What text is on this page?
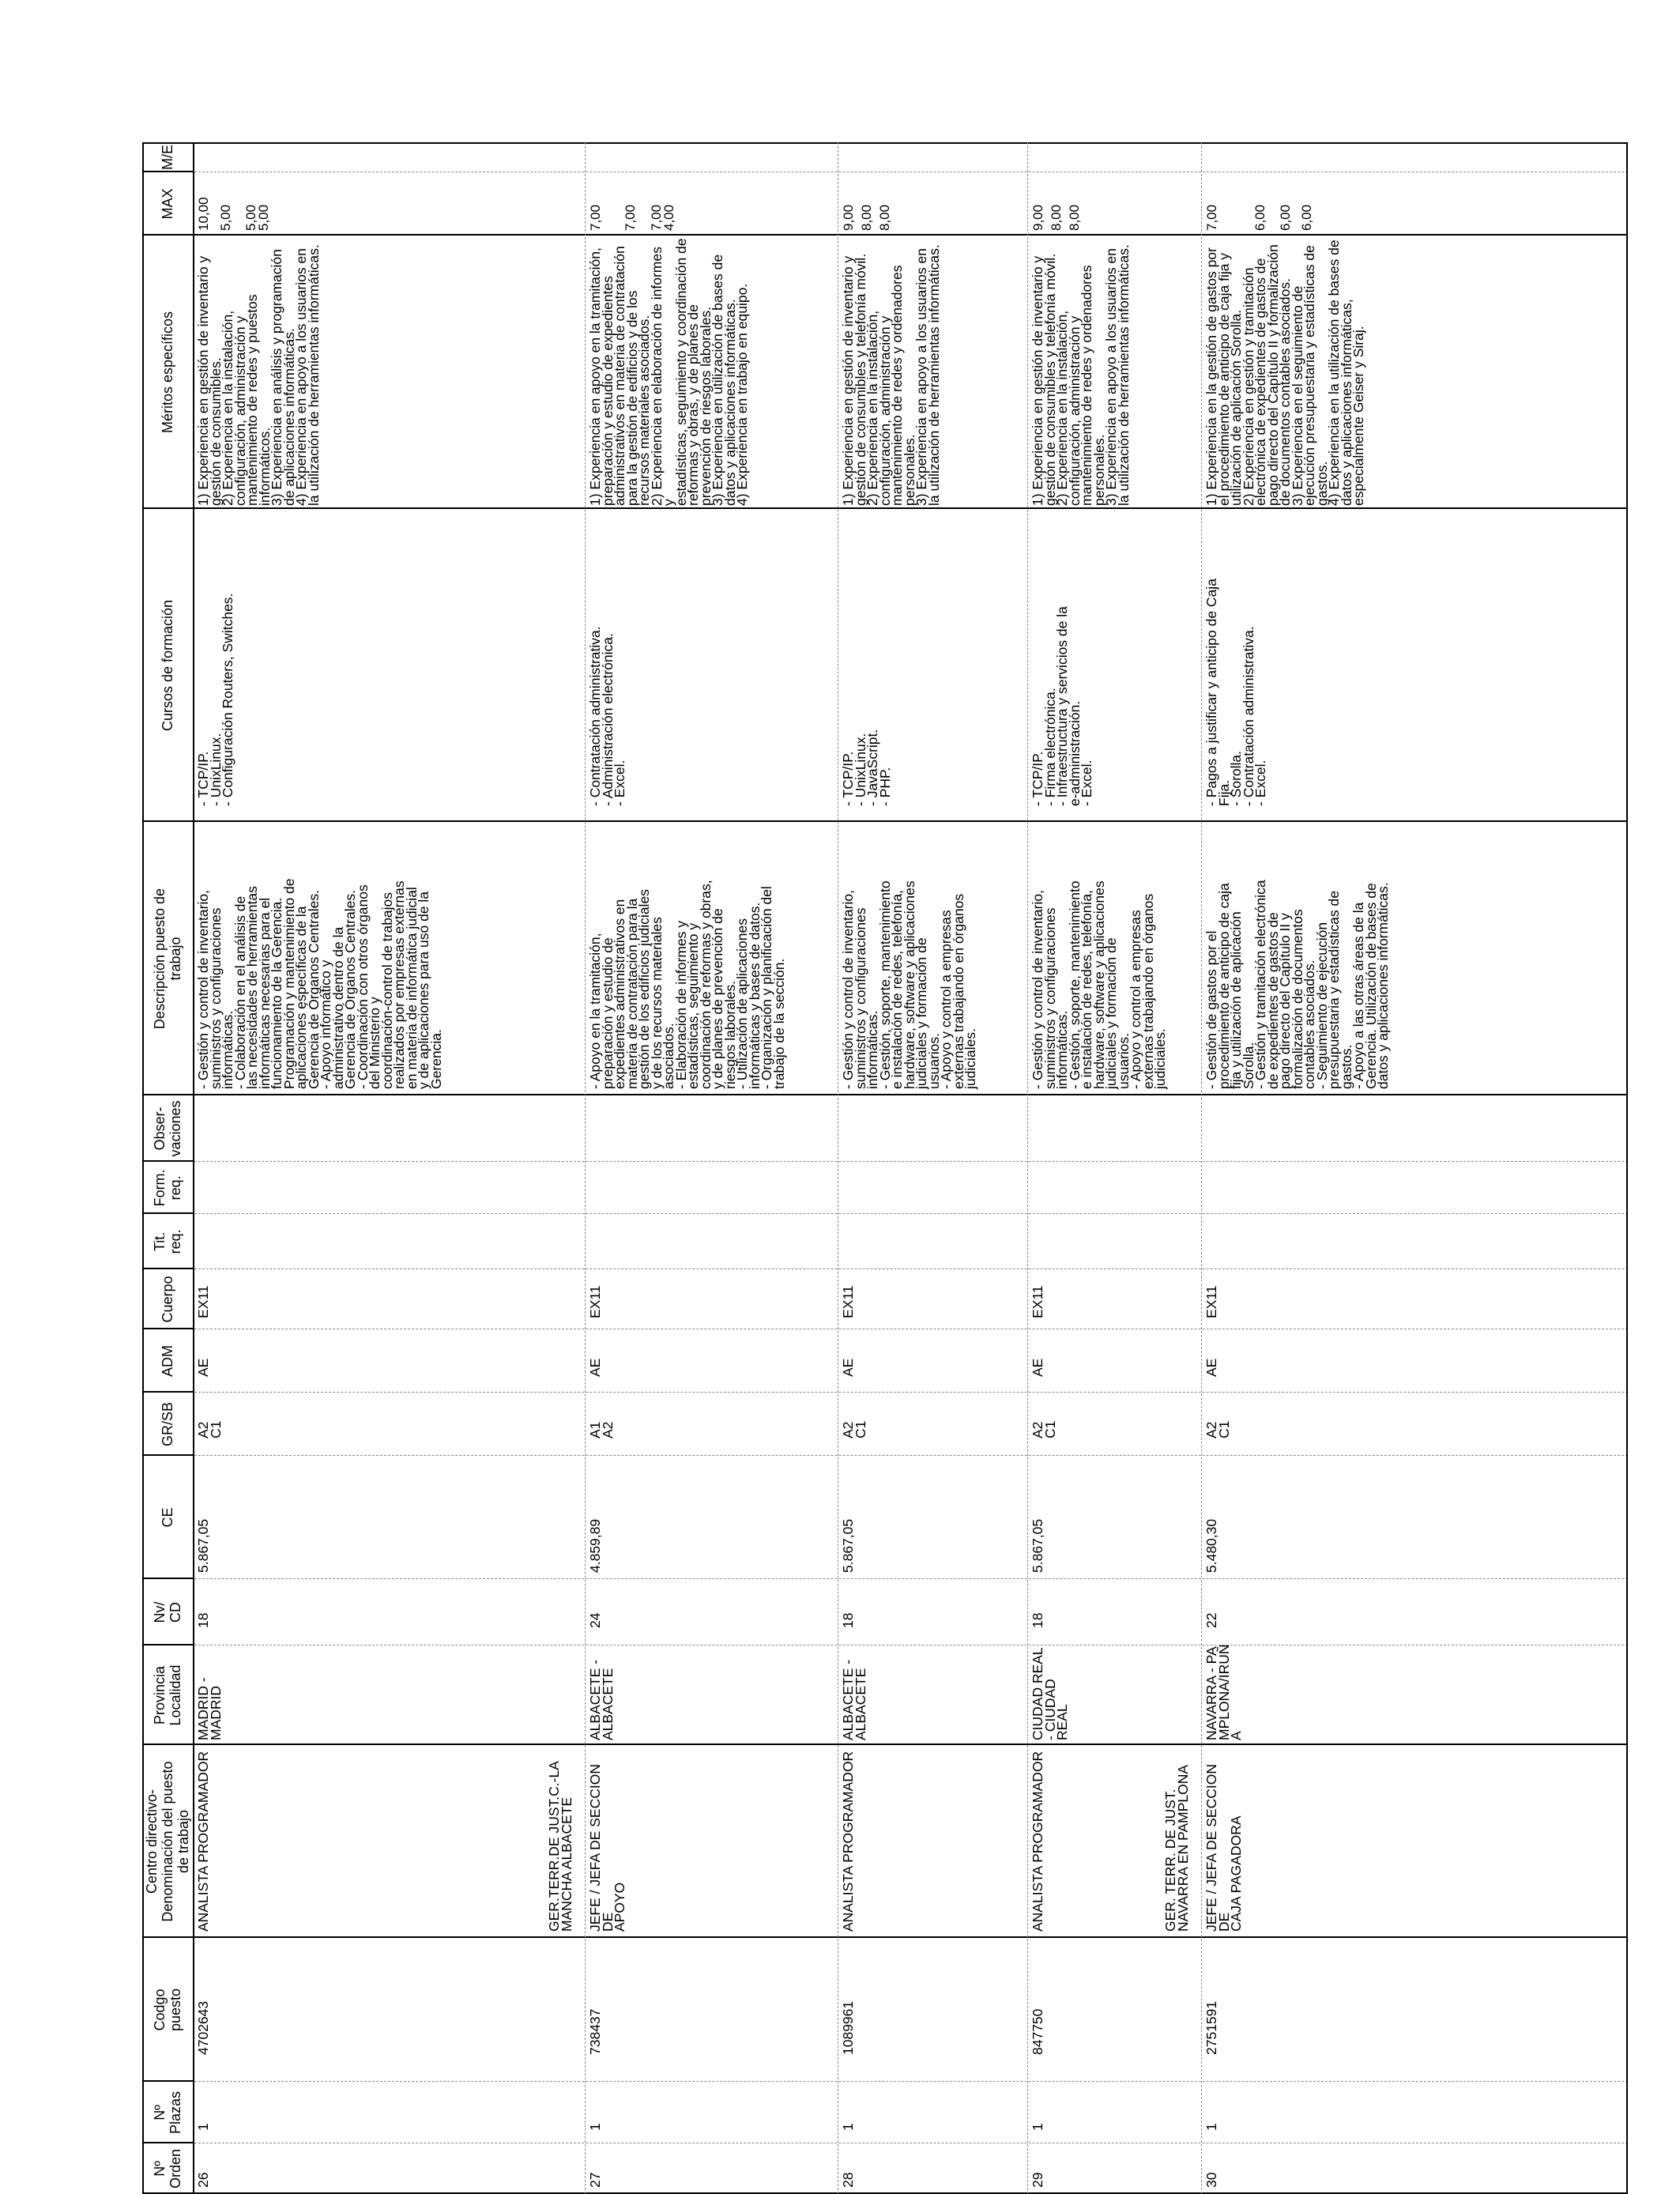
Nº
Orden
Nº
Plazas
Codgo
puesto
Centro directivo-
Denominación del puesto
de trabajo
Provincia
Localidad
Nv/
CD
CE
GR/SB
ADM
Cuerpo
Tit.
req.
Form.
req.
Obser-
vaciones
Descripción puesto de
trabajo
Cursos de formación
Méritos específicos
MAX
M/E
26
1
4702643
ANALISTA PROGRAMADOR
MADRID -
MADRID
18
5.867,05
A2
C1
AE
EX11
- Gestión y control de inventario,
suministros y configuraciones
informáticas.
- Colaboración en el análisis de
las necesidades de herramientas
informáticas necesarias para el
funcionamiento de la Gerencia.
Programación y mantenimiento de
aplicaciones específicas de la
Gerencia de Órganos Centrales.
- Apoyo informático y
administrativo dentro de la
Gerencia de Órganos Centrales.
- Coordinación con otros órganos
del Ministerio y
coordinación-control de trabajos
realizados por empresas externas
en materia de informática judicial
y de aplicaciones para uso de la
Gerencia.
- TCP/IP.
- UnixLinux.
- Configuración Routers, Switches.
1) Experiencia en gestión de inventario y
gestión de consumibles.
2) Experiencia en la instalación,
configuración, administración y
mantenimiento de redes y puestos
informáticos.
3) Experiencia en análisis y programación
de aplicaciones informáticas.
4) Experiencia en apoyo a los usuarios en
la utilización de herramientas informáticas.
10,00 5,00 5,00
5,00
27
1
738437
JEFE / JEFA DE SECCION DE
APOYO
GER.TERR.DE JUST.C.-LA
MANCHA ALBACETE
ALBACETE -
ALBACETE
24
4.859,89
A1
A2
AE
EX11
- Apoyo en la tramitación,
preparación y estudio de
expedientes administrativos en
materia de contratación para la
gestión de los edificios judiciales
y de los recursos materiales
asociados.
- Elaboración de informes y
estadísticas, seguimiento y
coordinación de reformas y obras,
y de planes de prevención de
riesgos laborales.
- Utilización de aplicaciones
informáticas y bases de datos.
- Organización y planificación del
trabajo de la sección.
- Contratación administrativa.
- Administración electrónica.
- Excel.
1) Experiencia en apoyo en la tramitación,
preparación y estudio de expedientes
administrativos en materia de contratación
para la gestión de edificios y de los
recursos materiales asociados.
2) Experiencia en elaboración de informes y
estadísticas, seguimiento y coordinación de
reformas y obras, y de planes de
prevención de riesgos laborales.
3) Experiencia en utilización de bases de
datos y aplicaciones informáticas.
4) Experiencia en trabajo en equipo.
7,00 7,00 7,00
4,00
28
1
1089961
ANALISTA PROGRAMADOR
ALBACETE -
ALBACETE
18
5.867,05
A2
C1
AE
EX11
- Gestión y control de inventario,
suministros y configuraciones
informáticas.
- Gestión, soporte, mantenimiento
e instalación de redes, telefonía,
hardware, software y aplicaciones
judiciales y formación de
usuarios.
- Apoyo y control a empresas
externas trabajando en órganos
judiciales.
- TCP/IP.
- UnixLinux.
- JavaScript.
- PHP.
1) Experiencia en gestión de inventario y
gestión de consumibles y telefonía móvil.
2) Experiencia en la instalación,
configuración, administración y
mantenimiento de redes y ordenadores
personales.
3) Experiencia en apoyo a los usuarios en
la utilización de herramientas informáticas.
9,00 8,00 8,00
29
1
847750
ANALISTA PROGRAMADOR
CIUDAD REAL
- CIUDAD
REAL
18
5.867,05
A2
C1
AE
EX11
- Gestión y control de inventario,
suministros y configuraciones
informáticas.
- Gestión, soporte, mantenimiento
e instalación de redes, telefonía,
hardware, software y aplicaciones
judiciales y formación de
usuarios.
- Apoyo y control a empresas
externas trabajando en órganos
judiciales.
- TCP/IP.
- Firma electrónica.
- Infraestructura y servicios de la
e-administración.
- Excel.
1) Experiencia en gestión de inventario y
gestión de consumibles y telefonía móvil.
2) Experiencia en la instalación,
configuración, administración y
mantenimiento de redes y ordenadores
personales.
3) Experiencia en apoyo a los usuarios en
la utilización de herramientas informáticas.
9,00 8,00 8,00
30
1
2751591
JEFE / JEFA DE SECCION DE
CAJA PAGADORA
GER. TERR. DE JUST.
NAVARRA EN PAMPLONA
NAVARRA - PA
MPLONA/IRUÑ
A
22
5.480,30
A2
C1
AE
EX11
- Gestión de gastos por el
procedimiento de anticipo de caja
fija y utilización de aplicación
Sorolla.
- Gestión y tramitación electrónica
de expedientes de gastos de
pago directo del Capítulo II y
formalización de documentos
contables asociados.
- Seguimiento de ejecución
presupuestaria y estadísticas de
gastos.
- Apoyo a las otras áreas de la
Gerencia. Utilización de bases de
datos y aplicaciones informáticas.
- Pagos a justificar y anticipo de Caja
Fija.
- Sorolla.
- Contratación administrativa.
- Excel.
1) Experiencia en la gestión de gastos por
el procedimiento de anticipo de caja fija y
utilización de aplicación Sorolla.
2) Experiencia en gestión y tramitación
electrónica de expedientes de gastos de
pago directo del Capítulo II y formalización
de documentos contables asociados.
3) Experiencia en el seguimiento de
ejecución presupuestaria y estadísticas de
gastos.
4) Experiencia en la utilización de bases de
datos y aplicaciones informáticas,
especialmente Geiser y Siraj.
7,00 6,00 6,00 6,00
